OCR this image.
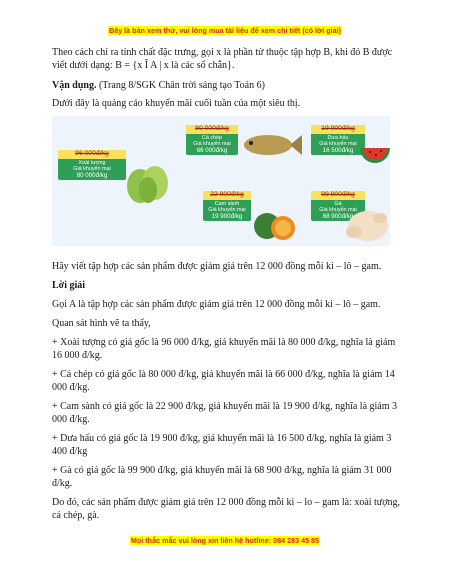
Đây là bản xem thử, vui lòng mua tài liệu để xem chi tiết (có lời giải)
Theo cách chỉ ra tính chất đặc trưng, gọi x là phần tử thuộc tập hợp B, khi đó B được viết dưới dạng: B = {x Î A | x là các số chẵn}.
Vận dụng. (Trang 8/SGK Chân trời sáng tạo Toán 6)
Dưới đây là quảng cáo khuyến mãi cuối tuần của một siêu thị.
96 000đ/kg
Xoài tượng
Giá khuyến mại
80 000đ/kg
80 000đ/kg
Cá chép
Giá khuyến mại
66 000đ/kg
19 900đ/kg
Dưa hấu
Giá khuyến mại
16 500đ/kg
22 900đ/kg
Cam sành
Giá khuyến mại
19 900đ/kg
99 900đ/kg
Gà
Giá khuyến mại
68 900đ/kg
Hãy viết tập hợp các sản phẩm được giảm giá trên 12 000 đồng mỗi ki – lô – gam.
Lời giải
Gọi A là tập hợp các sản phẩm được giảm giá trên 12 000 đồng mỗi ki – lô – gam.
Quan sát hình vẽ ta thấy,
+ Xoài tượng có giá gốc là 96 000 đ/kg, giá khuyến mãi là 80 000 đ/kg, nghĩa là giảm 16 000 đ/kg.
+ Cá chép có giá gốc là 80 000 đ/kg, giá khuyến mãi là 66 000 đ/kg, nghĩa là giảm 14 000 đ/kg.
+ Cam sành có giá gốc là 22 900 đ/kg, giá khuyến mãi là 19 900 đ/kg, nghĩa là giảm 3 000 đ/kg.
+ Dưa hấu có giá gốc là 19 900 đ/kg, giá khuyến mãi là 16 500 đ/kg, nghĩa là giảm 3 400 đ/kg
+ Gà có giá gốc là 99 900 đ/kg, giá khuyến mãi là 68 900 đ/kg, nghĩa là giảm 31 000 đ/kg.
Do đó, các sản phẩm được giảm giá trên 12 000 đồng mỗi ki – lo – gam là: xoài tượng, cá chép, gà.
Mọi thắc mắc vui lòng xin liên hệ hotline: 084 283 45 85
